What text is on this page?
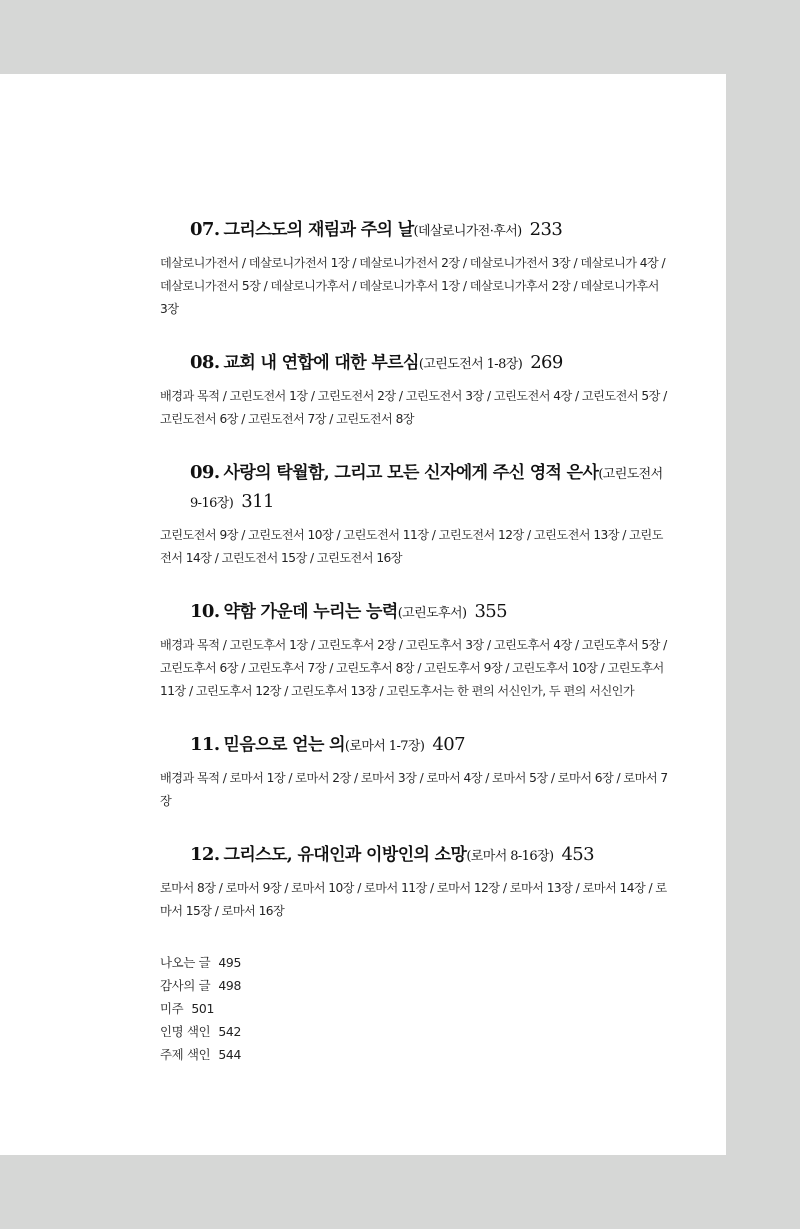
07. 그리스도의 재림과 주의 날(데살로니가전·후서) 233
데살로니가전서 / 데살로니가전서 1장 / 데살로니가전서 2장 / 데살로니가전서 3장 / 데살로니가 4장 / 데살로니가전서 5장 / 데살로니가후서 / 데살로니가후서 1장 / 데살로니가후서 2장 / 데살로니가후서 3장
08. 교회 내 연합에 대한 부르심(고린도전서 1-8장) 269
배경과 목적 / 고린도전서 1장 / 고린도전서 2장 / 고린도전서 3장 / 고린도전서 4장 / 고린도전서 5장 / 고린도전서 6장 / 고린도전서 7장 / 고린도전서 8장
09. 사랑의 탁월함, 그리고 모든 신자에게 주신 영적 은사(고린도전서 9-16장) 311
고린도전서 9장 / 고린도전서 10장 / 고린도전서 11장 / 고린도전서 12장 / 고린도전서 13장 / 고린도전서 14장 / 고린도전서 15장 / 고린도전서 16장
10. 약함 가운데 누리는 능력(고린도후서) 355
배경과 목적 / 고린도후서 1장 / 고린도후서 2장 / 고린도후서 3장 / 고린도후서 4장 / 고린도후서 5장 / 고린도후서 6장 / 고린도후서 7장 / 고린도후서 8장 / 고린도후서 9장 / 고린도후서 10장 / 고린도후서 11장 / 고린도후서 12장 / 고린도후서 13장 / 고린도후서는 한 편의 서신인가, 두 편의 서신인가
11. 믿음으로 얻는 의(로마서 1-7장) 407
배경과 목적 / 로마서 1장 / 로마서 2장 / 로마서 3장 / 로마서 4장 / 로마서 5장 / 로마서 6장 / 로마서 7장
12. 그리스도, 유대인과 이방인의 소망(로마서 8-16장) 453
로마서 8장 / 로마서 9장 / 로마서 10장 / 로마서 11장 / 로마서 12장 / 로마서 13장 / 로마서 14장 / 로마서 15장 / 로마서 16장
나오는 글 495
감사의 글 498
미주 501
인명 색인 542
주제 색인 544
